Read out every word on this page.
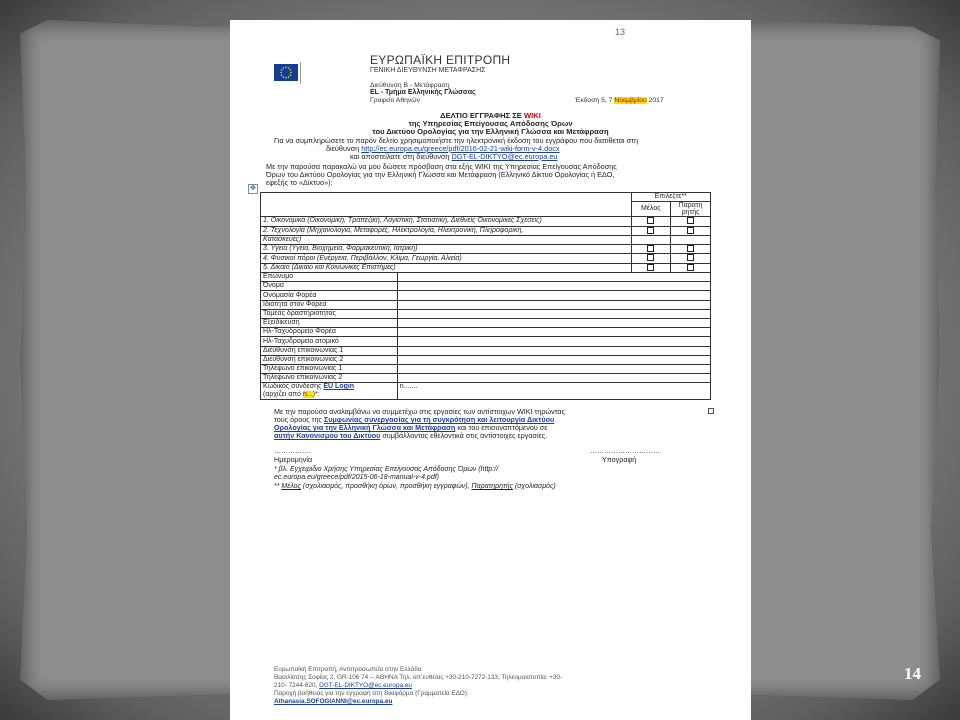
13
ΕΥΡΩΠΑΪΚΗ ΕΠΙΤΡΟΠΗ
ΓΕΝΙΚΗ ΔΙΕΥΘΥΝΣΗ ΜΕΤΑΦΡΑΣΗΣ
Διεύθυνση Β - Μετάφραση
EL - Τμήμα Ελληνικής Γλώσσας
Γραφείο Αθηνών	Έκδοση 5, 7 Νοεμβρίου 2017
ΔΕΛΤΙΟ ΕΓΓΡΑΦΗΣ ΣΕ WIKI
της Υπηρεσίας Επείγουσας Απόδοσης Όρων
του Δικτύου Ορολογίας για την Ελληνική Γλώσσα και Μετάφραση
Για να συμπληρώσετε το παρόν δελτίο χρησιμοποιήστε την ηλεκτρονική έκδοση του εγγράφου που διατίθεται στη
διεύθυνση http://ec.europa.eu/greece/pdf/2016-02-21-wiki-form-v-4.docx
και αποστείλατε στη διεύθυνση DGT-EL-DIKTYO@ec.europa.eu
Με την παρούσα παρακαλώ να μου δώσετε πρόσβαση στα εξής WIKI της Υπηρεσίας Επείγουσας Απόδοσης
Όρων του Δικτύου Ορολογίας για την Ελληνική Γλώσσα και Μετάφραση (Ελληνικό Δίκτυο Ορολογίας ή ΕΔΟ,
εφεξής το «Δίκτυο»):
✥
		Επιλέξτε**	
		Μέλος	Παρατη
ρητής

1. Οικονομικά (Οικονομική, Τραπεζική, Λογιστική, Στατιστική, Διεθνείς Οικονομικές Σχέσεις)			
2. Τεχνολογία (Μηχανολογία, Μεταφορές, Ηλεκτρολογία, Ηλεκτρονική, Πληροφορική,			
Κατασκευές)			
3. Υγεία (Υγεία, Βιοχημεία, Φαρμακευτική, Ιατρική)			
4. Φυσικοί πόροι (Ενέργεια, Περιβάλλον, Κλίμα, Γεωργία, Αλιεία)			
5. Δίκαιο (Δίκαιο και Κοινωνικές Επιστήμες)			
Επώνυμο			
Όνομα			
Ονομασία Φορέα			
Ιδιότητα στον Φορέα			
Τομέας δραστηριότητας			
Εξειδίκευση			
Ηλ-Ταχυδρομείο Φορέα			
Ηλ-Ταχυδρομείο ατομικό			
Διεύθυνση επικοινωνίας 1			
Διεύθυνση επικοινωνίας 2			
Τηλέφωνο επικοινωνίας 1			
Τηλέφωνο επικοινωνίας 2			

Κωδικός σύνδεσης EU Login
(αρχίζει από n...)*:	n.......		
Με την παρούσα αναλαμβάνω να συμμετέχω στις εργασίες των αντίστοιχων WIKI τηρώντας
τους όρους της Συμφωνίας συνεργασίας για τη συγκρότηση και λειτουργία Δικτύου
Ορολογίας για την Ελληνική Γλώσσα και Μετάφραση και του επισυναπτόμενου σε
αυτήν Κανονισμού του Δικτύου συμβάλλοντας εθελοντικά στις αντίστοιχες εργασίες.
…………….	…………………………
Ημερομηνία	Υπογραφή
* βλ. Εγχειρίδιο Χρήσης Υπηρεσίας Επείγουσας Απόδοσης Όρων (http://
ec.europa.eu/greece/pdf/2015-06-18-manual-v-4.pdf)
** Μέλος (σχολιασμός, προσθήκη όρων, προσθήκη εγγραφών), Παρατηρητής (σχολιασμός)
Ευρωπαϊκή Επιτροπή, Αντιπροσωπεία στην Ελλάδα
Βασιλίσσης Σοφίας 2, GR-106 74 – ΑΘΗΝΑ Τηλ. απ’ευθείας +30-210-7272-133, Τηλεομοιοτυπία: +30-
210- 7244-620, DGT-EL-DIKTYO@ec.europa.eu
Παροχή βοήθειας για την εγγραφή στη Βικιφάρμα (Γραμματεία ΕΔΟ):
Athanasia.SOFOGIANNI@ec.europa.eu
14
